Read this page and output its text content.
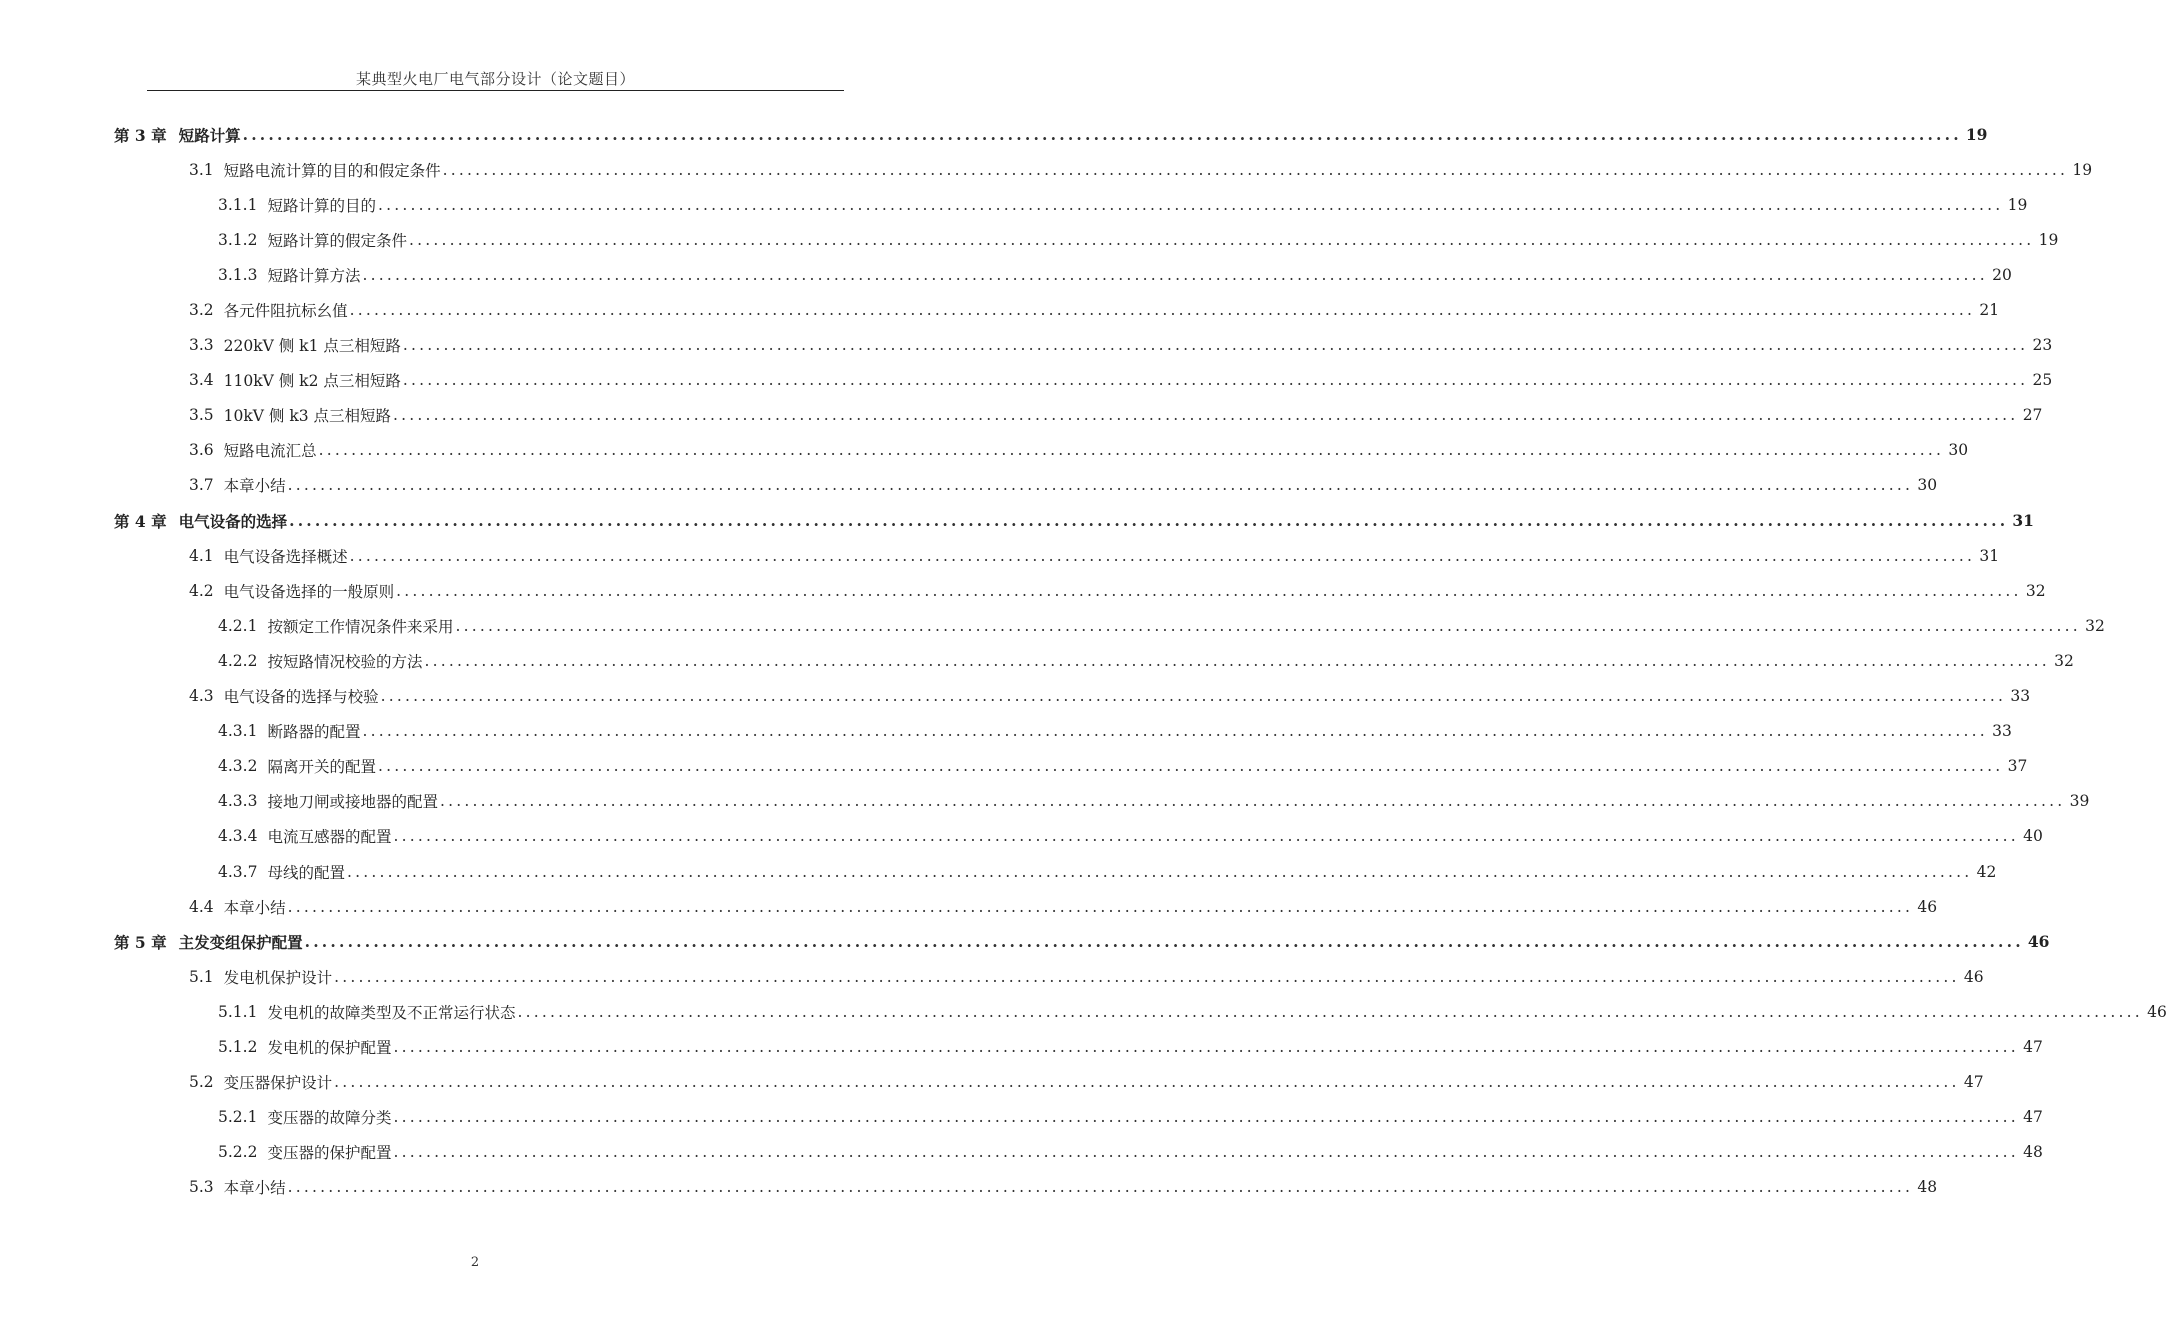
某典型火电厂电气部分设计（论文题目）
第 3 章 短路计算 ........................................................................................................................................................................................................ 19
3.1 短路电流计算的目的和假定条件 ........................................................................................................................................................................................................ 19
3.1.1 短路计算的目的 ........................................................................................................................................................................................................ 19
3.1.2 短路计算的假定条件 ........................................................................................................................................................................................................ 19
3.1.3 短路计算方法 ........................................................................................................................................................................................................ 20
3.2 各元件阻抗标幺值 ........................................................................................................................................................................................................ 21
3.3 220kV 侧 k1 点三相短路 ........................................................................................................................................................................................................ 23
3.4 110kV 侧 k2 点三相短路 ........................................................................................................................................................................................................ 25
3.5 10kV 侧 k3 点三相短路 ........................................................................................................................................................................................................ 27
3.6 短路电流汇总 ........................................................................................................................................................................................................ 30
3.7 本章小结 ........................................................................................................................................................................................................ 30
第 4 章 电气设备的选择 ........................................................................................................................................................................................................ 31
4.1 电气设备选择概述 ........................................................................................................................................................................................................ 31
4.2 电气设备选择的一般原则 ........................................................................................................................................................................................................ 32
4.2.1 按额定工作情况条件来采用 ........................................................................................................................................................................................................ 32
4.2.2 按短路情况校验的方法 ........................................................................................................................................................................................................ 32
4.3 电气设备的选择与校验 ........................................................................................................................................................................................................ 33
4.3.1 断路器的配置 ........................................................................................................................................................................................................ 33
4.3.2 隔离开关的配置 ........................................................................................................................................................................................................ 37
4.3.3 接地刀闸或接地器的配置 ........................................................................................................................................................................................................ 39
4.3.4 电流互感器的配置 ........................................................................................................................................................................................................ 40
4.3.7 母线的配置 ........................................................................................................................................................................................................ 42
4.4 本章小结 ........................................................................................................................................................................................................ 46
第 5 章 主发变组保护配置 ........................................................................................................................................................................................................ 46
5.1 发电机保护设计 ........................................................................................................................................................................................................ 46
5.1.1 发电机的故障类型及不正常运行状态 ........................................................................................................................................................................................................ 46
5.1.2 发电机的保护配置 ........................................................................................................................................................................................................ 47
5.2 变压器保护设计 ........................................................................................................................................................................................................ 47
5.2.1 变压器的故障分类 ........................................................................................................................................................................................................ 47
5.2.2 变压器的保护配置 ........................................................................................................................................................................................................ 48
5.3 本章小结 ........................................................................................................................................................................................................ 48
2
